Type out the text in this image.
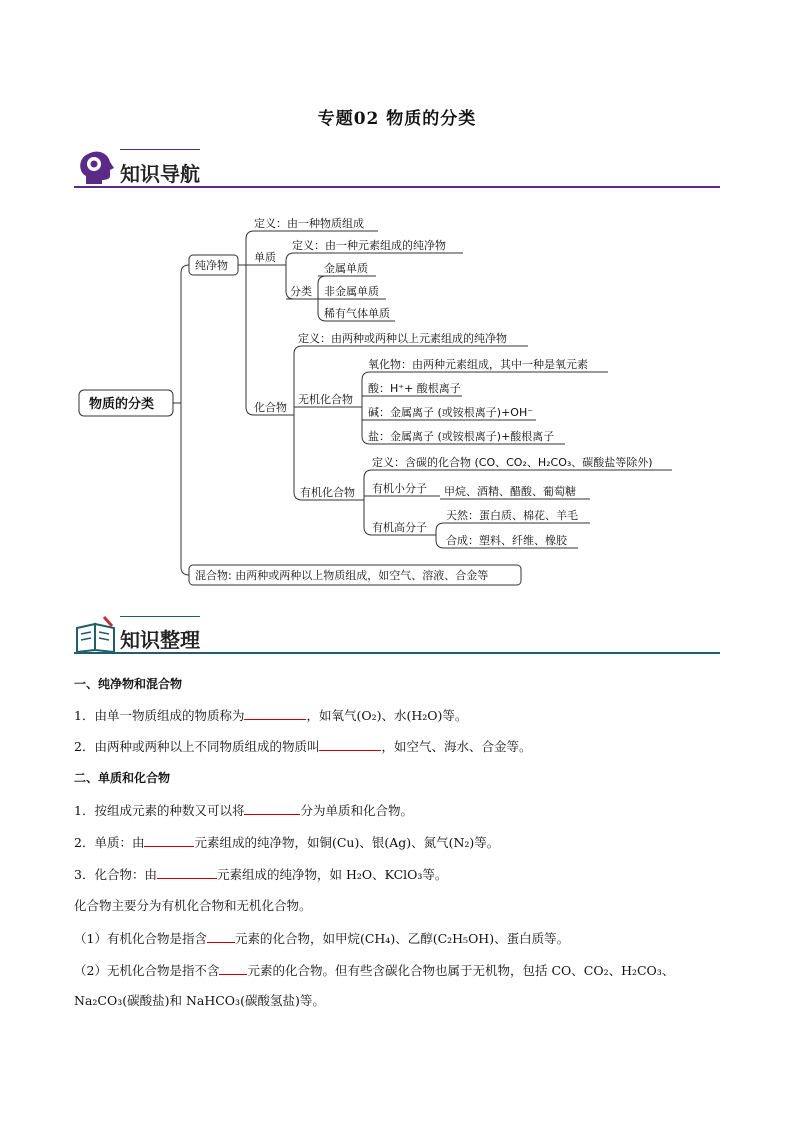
专题02 物质的分类
知识导航
物质的分类
纯净物
定义：由一种物质组成
单质
定义：由一种元素组成的纯净物
分类
金属单质
非金属单质
稀有气体单质
化合物
定义：由两种或两种以上元素组成的纯净物
无机化合物
氧化物：由两种元素组成，其中一种是氧元素
酸：H⁺+ 酸根离子
碱：金属离子 (或铵根离子)+OH⁻
盐：金属离子 (或铵根离子)+酸根离子
有机化合物
定义：含碳的化合物 (CO、CO₂、H₂CO₃、碳酸盐等除外)
有机小分子 甲烷、酒精、醋酸、葡萄糖
有机高分子
天然：蛋白质、棉花、羊毛
合成：塑料、纤维、橡胶
混合物: 由两种或两种以上物质组成，如空气、溶液、合金等
知识整理
一、纯净物和混合物
1．由单一物质组成的物质称为	，如氧气(O₂)、水(H₂O)等。
2．由两种或两种以上不同物质组成的物质叫	，如空气、海水、合金等。
二、单质和化合物
1．按组成元素的种数又可以将	分为单质和化合物。
2．单质：由	元素组成的纯净物，如铜(Cu)、银(Ag)、氮气(N₂)等。
3．化合物：由	元素组成的纯净物，如 H₂O、KClO₃等。
化合物主要分为有机化合物和无机化合物。
（1）有机化合物是指含 元素的化合物，如甲烷(CH₄)、乙醇(C₂H₅OH)、蛋白质等。
（2）无机化合物是指不含 元素的化合物。但有些含碳化合物也属于无机物，包括 CO、CO₂、H₂CO₃、
Na₂CO₃(碳酸盐)和 NaHCO₃(碳酸氢盐)等。
